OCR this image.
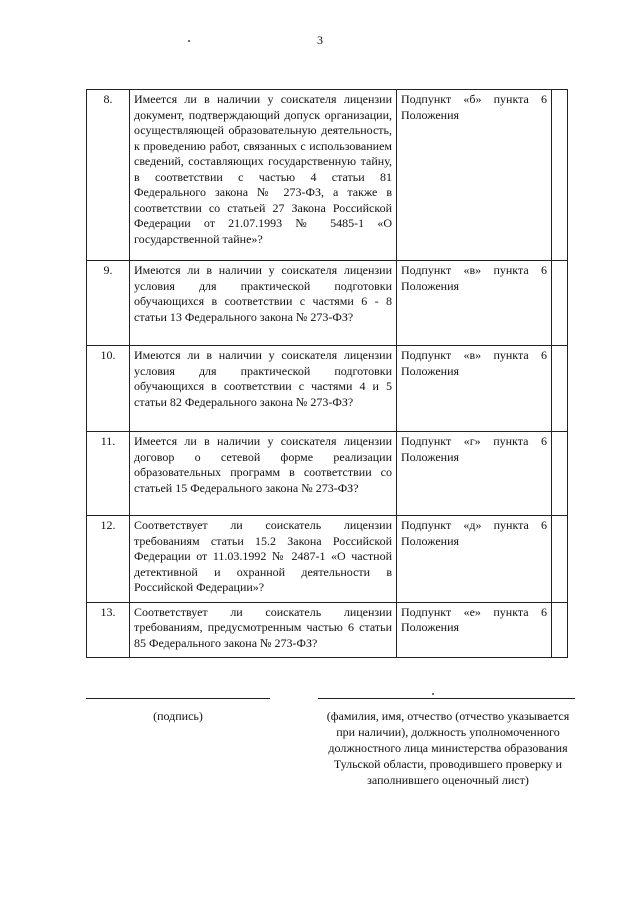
3
8.	Имеется ли в наличии у соискателя лицензии документ, подтверждающий допуск организации, осуществляющей образовательную деятельность, к проведению работ, связанных с использованием сведений, составляющих государственную тайну, в соответствии с частью 4 статьи 81 Федерального закона № 273-ФЗ, а также в соответствии со статьей 27 Закона Российской Федерации от 21.07.1993 № 5485-1 «О государственной тайне»?	Подпункт «б» пункта 6 Положения	
9.	Имеются ли в наличии у соискателя лицензии условия для практической подготовки обучающихся в соответствии с частями 6 - 8 статьи 13 Федерального закона № 273-ФЗ?	Подпункт «в» пункта 6 Положения	
10.	Имеются ли в наличии у соискателя лицензии условия для практической подготовки обучающихся в соответствии с частями 4 и 5 статьи 82 Федерального закона № 273-ФЗ?	Подпункт «в» пункта 6 Положения	
11.	Имеется ли в наличии у соискателя лицензии договор о сетевой форме реализации образовательных программ в соответствии со статьей 15 Федерального закона № 273-ФЗ?	Подпункт «г» пункта 6 Положения	
12.	Соответствует ли соискатель лицензии требованиям статьи 15.2 Закона Российской Федерации от 11.03.1992 № 2487-1 «О частной детективной и охранной деятельности в Российской Федерации»?	Подпункт «д» пункта 6 Положения	
13.	Соответствует ли соискатель лицензии требованиям, предусмотренным частью 6 статьи 85 Федерального закона № 273-ФЗ?	Подпункт «е» пункта 6 Положения	
(подпись)	(фамилия, имя, отчество (отчество указывается при наличии), должность уполномоченного должностного лица министерства образования Тульской области, проводившего проверку и заполнившего оценочный лист)
